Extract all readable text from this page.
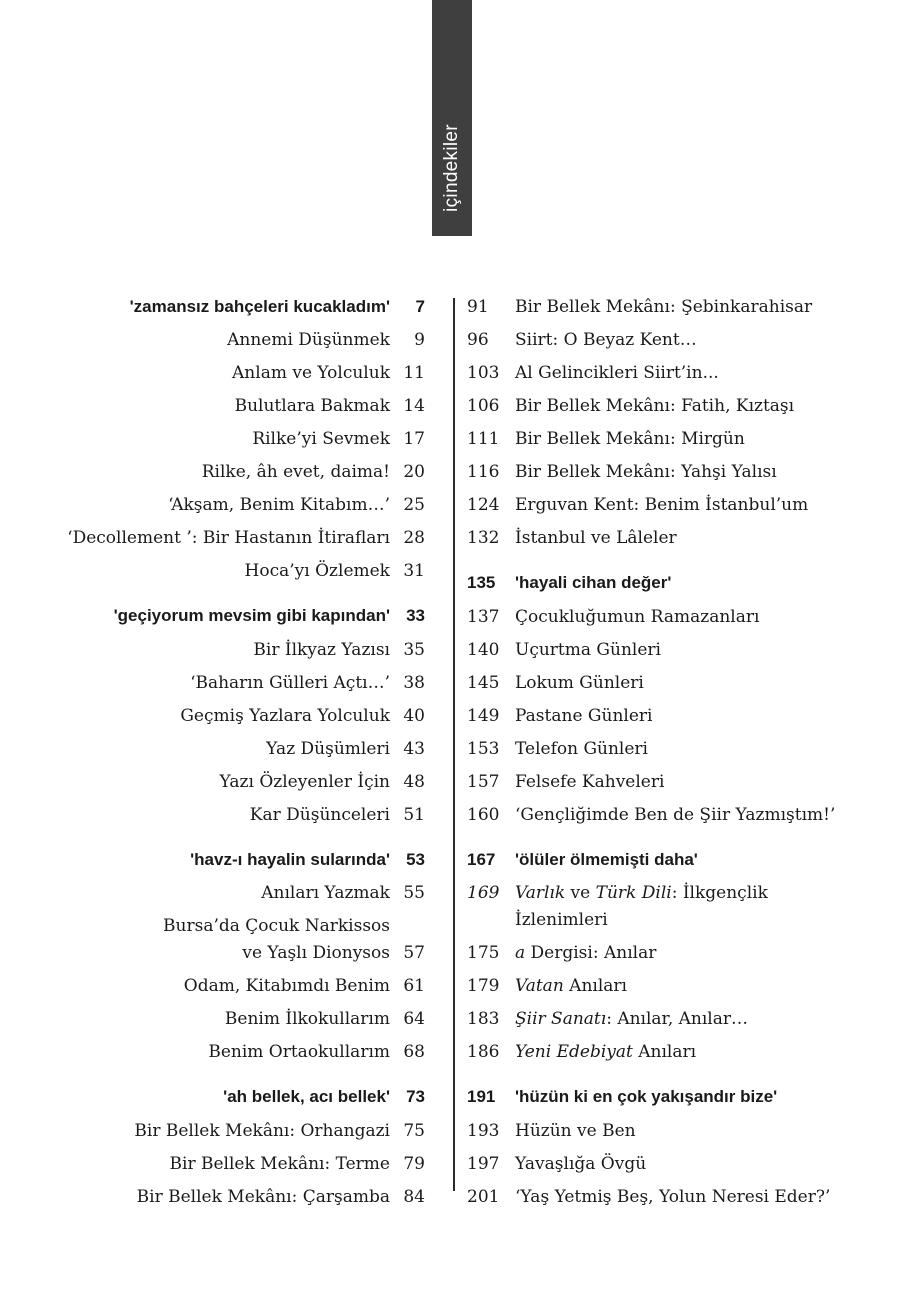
içindekiler
'zamansız bahçeleri kucakladım' 7
Annemi Düşünmek 9
Anlam ve Yolculuk 11
Bulutlara Bakmak 14
Rilke’yi Sevmek 17
Rilke, âh evet, daima! 20
‘Akşam, Benim Kitabım…’ 25
‘Decollement ’: Bir Hastanın İtirafları 28
Hoca’yı Özlemek 31
'geçiyorum mevsim gibi kapından' 33
Bir İlkyaz Yazısı 35
‘Baharın Gülleri Açtı…’ 38
Geçmiş Yazlara Yolculuk 40
Yaz Düşümleri 43
Yazı Özleyenler İçin 48
Kar Düşünceleri 51
'havz-ı hayalin sularında' 53
Anıları Yazmak 55
Bursa’da Çocuk Narkissos
ve Yaşlı Dionysos 57
Odam, Kitabımdı Benim 61
Benim İlkokullarım 64
Benim Ortaokullarım 68
'ah bellek, acı bellek' 73
Bir Bellek Mekânı: Orhangazi 75
Bir Bellek Mekânı: Terme 79
Bir Bellek Mekânı: Çarşamba 84
91 Bir Bellek Mekânı: Şebinkarahisar
96 Siirt: O Beyaz Kent…
103 Al Gelincikleri Siirt’in...
106 Bir Bellek Mekânı: Fatih, Kıztaşı
111 Bir Bellek Mekânı: Mirgün
116 Bir Bellek Mekânı: Yahşi Yalısı
124 Erguvan Kent: Benim İstanbul’um
132 İstanbul ve Lâleler
135 'hayali cihan değer'
137 Çocukluğumun Ramazanları
140 Uçurtma Günleri
145 Lokum Günleri
149 Pastane Günleri
153 Telefon Günleri
157 Felsefe Kahveleri
160 ‘Gençliğimde Ben de Şiir Yazmıştım!’
167 'ölüler ölmemişti daha'
169 Varlık ve Türk Dili: İlkgençlik
İzlenimleri
175 a Dergisi: Anılar
179 Vatan Anıları
183 Şiir Sanatı: Anılar, Anılar…
186 Yeni Edebiyat Anıları
191 'hüzün ki en çok yakışandır bize'
193 Hüzün ve Ben
197 Yavaşlığa Övgü
201 ‘Yaş Yetmiş Beş, Yolun Neresi Eder?’
